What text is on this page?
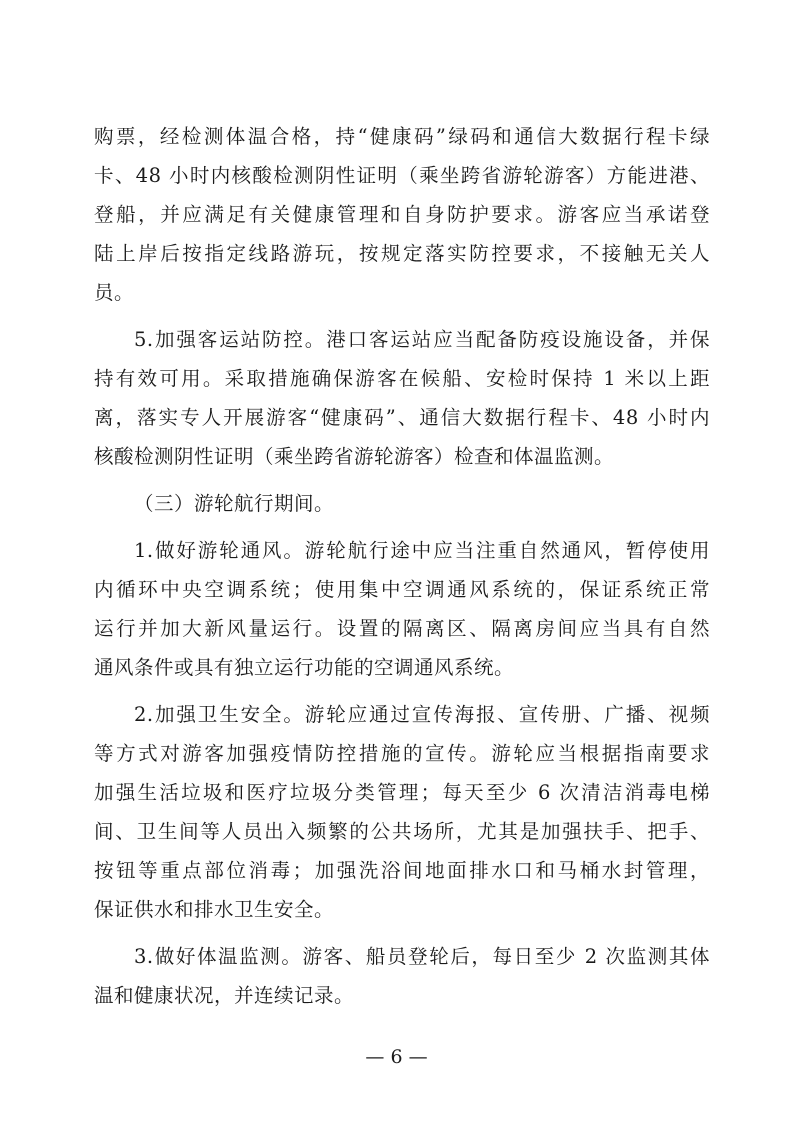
购票，经检测体温合格，持“健康码”绿码和通信大数据行程卡绿
卡、48 小时内核酸检测阴性证明（乘坐跨省游轮游客）方能进港、
登船，并应满足有关健康管理和自身防护要求。游客应当承诺登
陆上岸后按指定线路游玩，按规定落实防控要求，不接触无关人
员。
5.加强客运站防控。港口客运站应当配备防疫设施设备，并保
持有效可用。采取措施确保游客在候船、安检时保持 1 米以上距
离，落实专人开展游客“健康码”、通信大数据行程卡、48 小时内
核酸检测阴性证明（乘坐跨省游轮游客）检查和体温监测。
（三）游轮航行期间。
1.做好游轮通风。游轮航行途中应当注重自然通风，暂停使用
内循环中央空调系统；使用集中空调通风系统的，保证系统正常
运行并加大新风量运行。设置的隔离区、隔离房间应当具有自然
通风条件或具有独立运行功能的空调通风系统。
2.加强卫生安全。游轮应通过宣传海报、宣传册、广播、视频
等方式对游客加强疫情防控措施的宣传。游轮应当根据指南要求
加强生活垃圾和医疗垃圾分类管理；每天至少 6 次清洁消毒电梯
间、卫生间等人员出入频繁的公共场所，尤其是加强扶手、把手、
按钮等重点部位消毒；加强洗浴间地面排水口和马桶水封管理，
保证供水和排水卫生安全。
3.做好体温监测。游客、船员登轮后，每日至少 2 次监测其体
温和健康状况，并连续记录。
— 6 —
